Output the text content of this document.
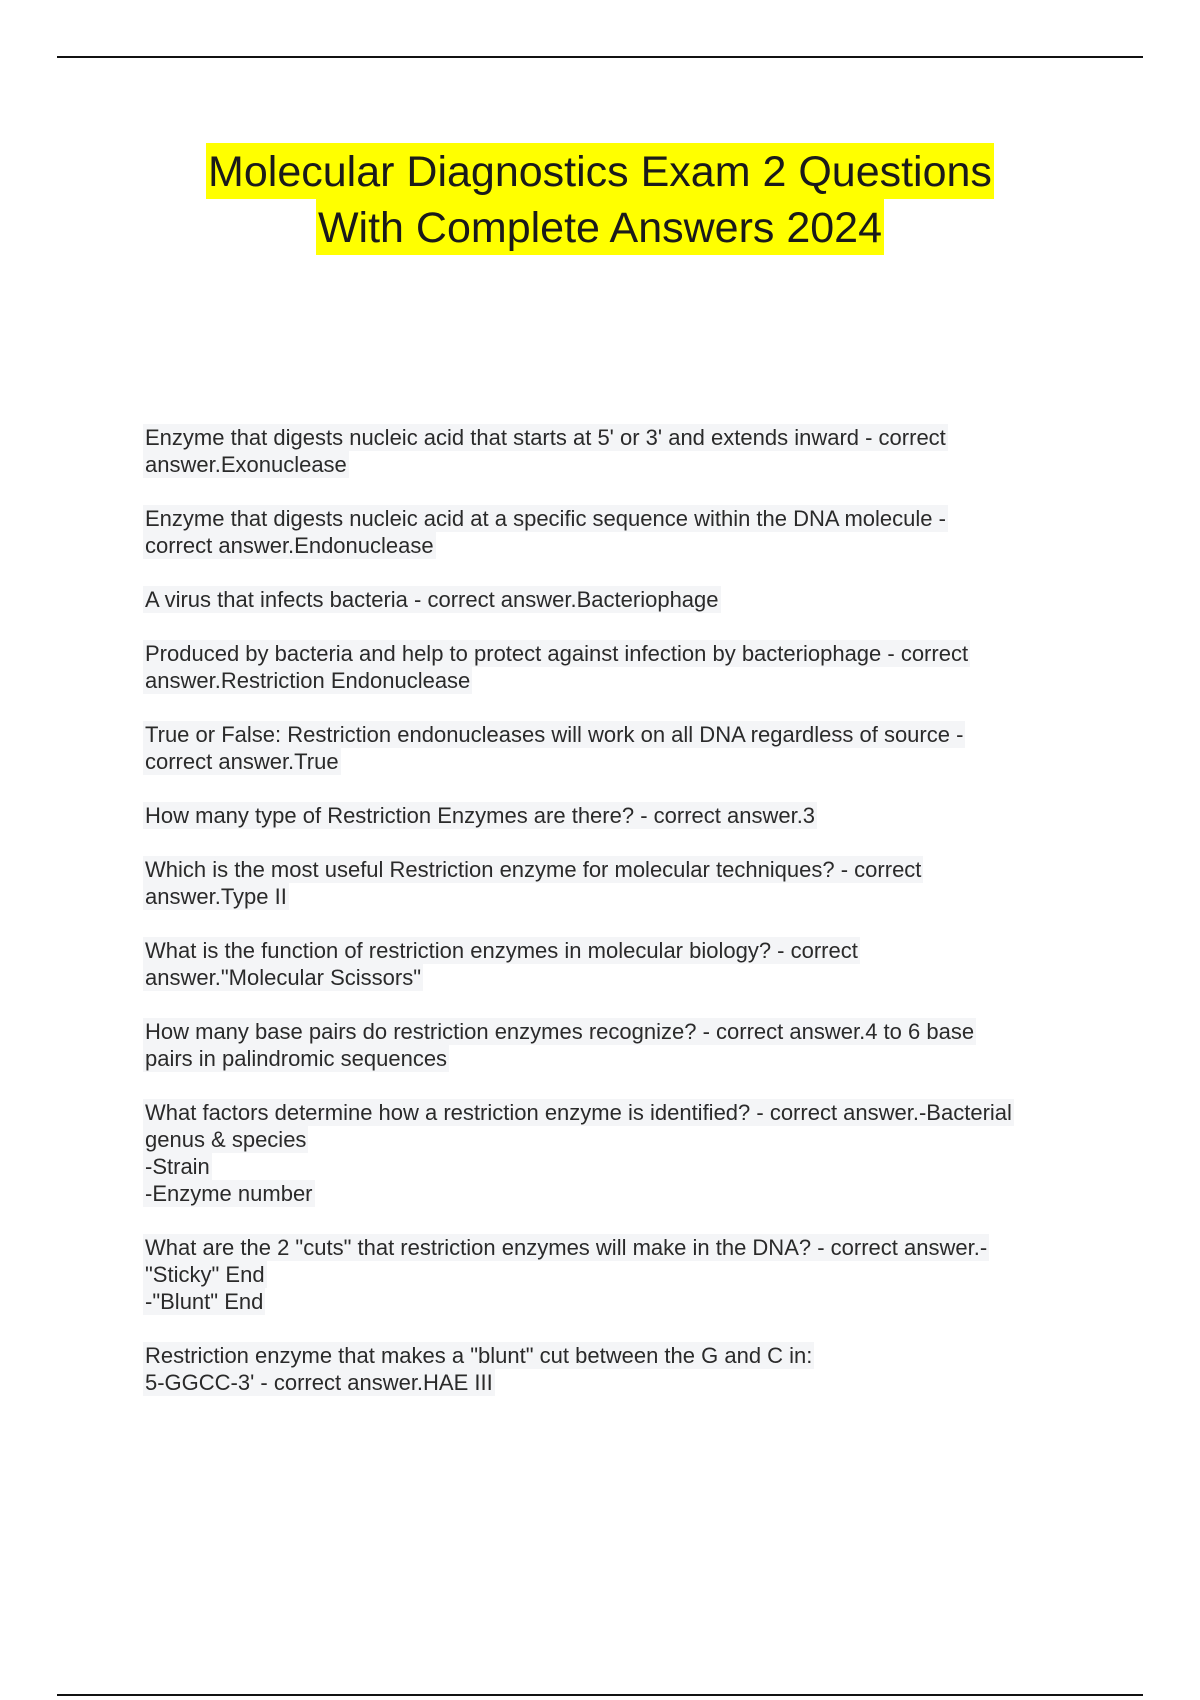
Molecular Diagnostics Exam 2 Questions
With Complete Answers 2024
Enzyme that digests nucleic acid that starts at 5' or 3' and extends inward - correct
answer.Exonuclease
Enzyme that digests nucleic acid at a specific sequence within the DNA molecule -
correct answer.Endonuclease
A virus that infects bacteria - correct answer.Bacteriophage
Produced by bacteria and help to protect against infection by bacteriophage - correct
answer.Restriction Endonuclease
True or False: Restriction endonucleases will work on all DNA regardless of source -
correct answer.True
How many type of Restriction Enzymes are there? - correct answer.3
Which is the most useful Restriction enzyme for molecular techniques? - correct
answer.Type II
What is the function of restriction enzymes in molecular biology? - correct
answer."Molecular Scissors"
How many base pairs do restriction enzymes recognize? - correct answer.4 to 6 base
pairs in palindromic sequences
What factors determine how a restriction enzyme is identified? - correct answer.-Bacterial
genus & species
-Strain
-Enzyme number
What are the 2 "cuts" that restriction enzymes will make in the DNA? - correct answer.-
"Sticky" End
-"Blunt" End
Restriction enzyme that makes a "blunt" cut between the G and C in:
5-GGCC-3' - correct answer.HAE III
